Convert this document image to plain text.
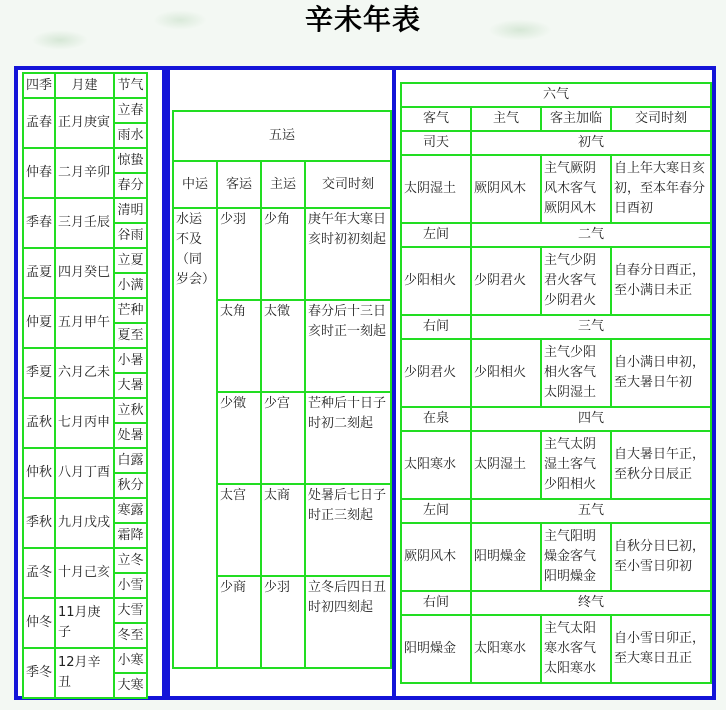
辛未年表
四季	月建	节气
孟春	正月庚寅	立春
		雨水
仲春	二月辛卯	惊蛰
		春分
季春	三月壬辰	清明
		谷雨
孟夏	四月癸巳	立夏
		小满
仲夏	五月甲午	芒种
		夏至
季夏	六月乙未	小暑
		大暑
孟秋	七月丙申	立秋
		处暑
仲秋	八月丁酉	白露
		秋分
季秋	九月戊戌	寒露
		霜降
孟冬	十月己亥	立冬
		小雪
仲冬	11月庚子	大雪
		冬至
季冬	12月辛丑	小寒
		大寒
五运			
中运	客运	主运	交司时刻
水运不及（同岁会）	少羽	少角	庚午年大寒日亥时初初刻起
	太角	太徵	春分后十三日亥时正一刻起
	少徵	少宫	芒种后十日子时初二刻起
	太宫	太商	处暑后七日子时正三刻起
	少商	少羽	立冬后四日丑时初四刻起
六气			
客气	主气	客主加临	交司时刻
司天	初气		
太阴湿土	厥阴风木	主气厥阴风木客气厥阴风木	自上年大寒日亥初，至本年春分日酉初
左间	二气		
少阳相火	少阴君火	主气少阴君火客气少阴君火	自春分日酉正，至小满日未正
右间	三气		
少阴君火	少阳相火	主气少阳相火客气太阴湿土	自小满日申初，至大暑日午初
在泉	四气		
太阳寒水	太阴湿土	主气太阴湿土客气少阳相火	自大暑日午正，至秋分日辰正
左间	五气		
厥阴风木	阳明燥金	主气阳明燥金客气阳明燥金	自秋分日巳初，至小雪日卯初
右间	终气		
阳明燥金	太阳寒水	主气太阳寒水客气太阳寒水	自小雪日卯正，至大寒日丑正
